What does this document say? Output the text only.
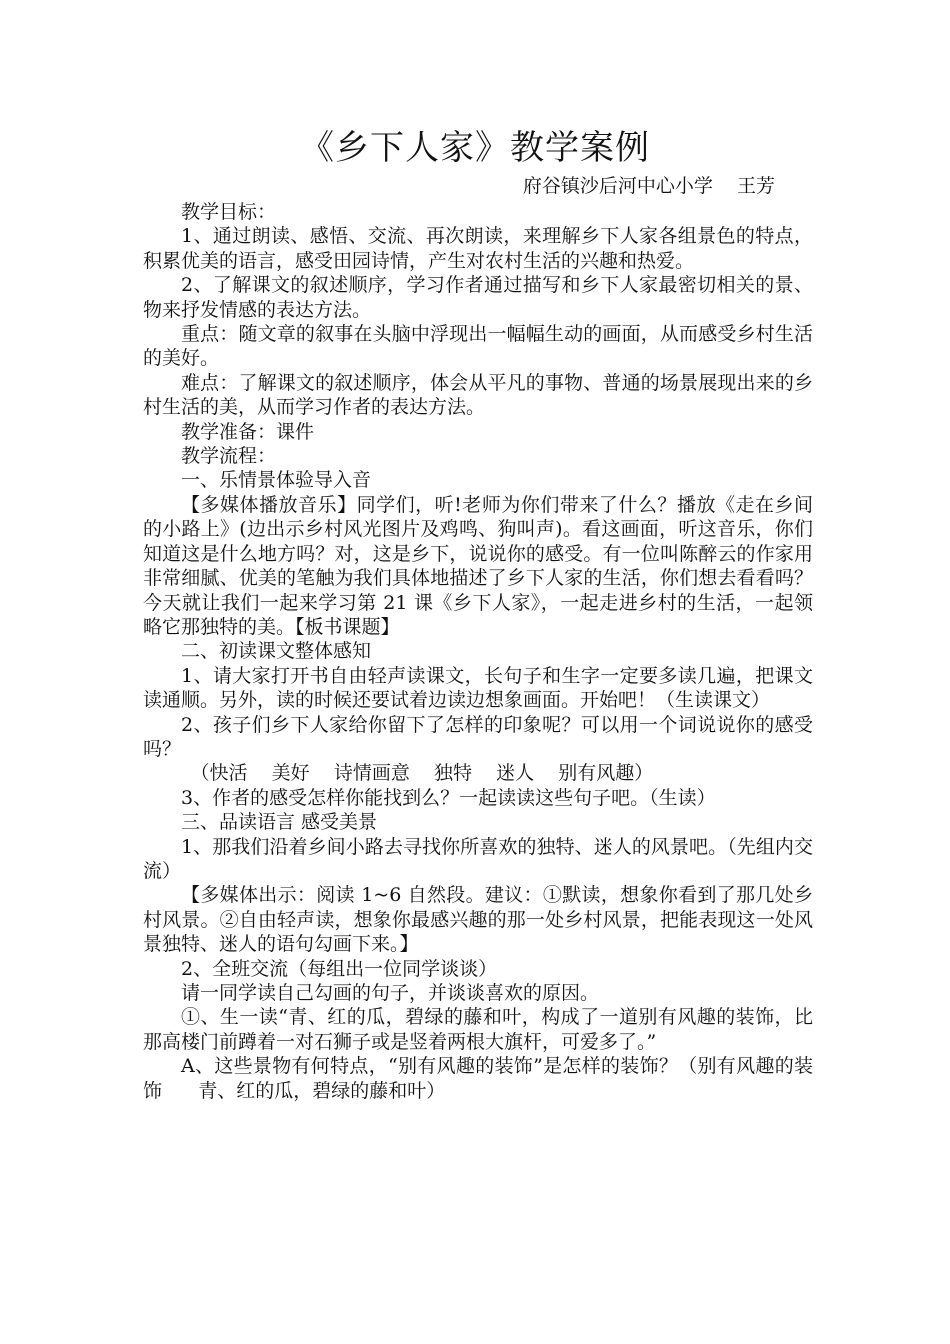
《乡下人家》教学案例
府谷镇沙后河中心小学    王芳

教学目标：

1、通过朗读、感悟、交流、再次朗读，来理解乡下人家各组景色的特点，积累优美的语言，感受田园诗情，产生对农村生活的兴趣和热爱。

2、了解课文的叙述顺序，学习作者通过描写和乡下人家最密切相关的景、物来抒发情感的表达方法。

重点：随文章的叙事在头脑中浮现出一幅幅生动的画面，从而感受乡村生活的美好。

难点：了解课文的叙述顺序，体会从平凡的事物、普通的场景展现出来的乡村生活的美，从而学习作者的表达方法。

教学准备：课件

教学流程：

一、乐情景体验导入音

【多媒体播放音乐】同学们，听!老师为你们带来了什么？播放《走在乡间的小路上》(边出示乡村风光图片及鸡鸣、狗叫声)。看这画面，听这音乐，你们知道这是什么地方吗？对，这是乡下，说说你的感受。有一位叫陈醉云的作家用非常细腻、优美的笔触为我们具体地描述了乡下人家的生活，你们想去看看吗？今天就让我们一起来学习第 21 课《乡下人家》，一起走进乡村的生活，一起领略它那独特的美。【板书课题】

二、初读课文整体感知

1、请大家打开书自由轻声读课文，长句子和生字一定要多读几遍，把课文读通顺。另外，读的时候还要试着边读边想象画面。开始吧！（生读课文）

2、孩子们乡下人家给你留下了怎样的印象呢？可以用一个词说说你的感受吗？

（快活    美好    诗情画意    独特    迷人    别有风趣）

3、作者的感受怎样你能找到么？一起读读这些句子吧。（生读）

三、品读语言 感受美景

1、那我们沿着乡间小路去寻找你所喜欢的独特、迷人的风景吧。（先组内交流）

【多媒体出示：阅读 1~6 自然段。建议：①默读，想象你看到了那几处乡村风景。②自由轻声读，想象你最感兴趣的那一处乡村风景，把能表现这一处风景独特、迷人的语句勾画下来。】

2、全班交流（每组出一位同学谈谈）

请一同学读自己勾画的句子，并谈谈喜欢的原因。

①、生一读“青、红的瓜，碧绿的藤和叶，构成了一道别有风趣的装饰，比那高楼门前蹲着一对石狮子或是竖着两根大旗杆，可爱多了。”

A、这些景物有何特点，“别有风趣的装饰”是怎样的装饰？（别有风趣的装饰      青、红的瓜，碧绿的藤和叶）
